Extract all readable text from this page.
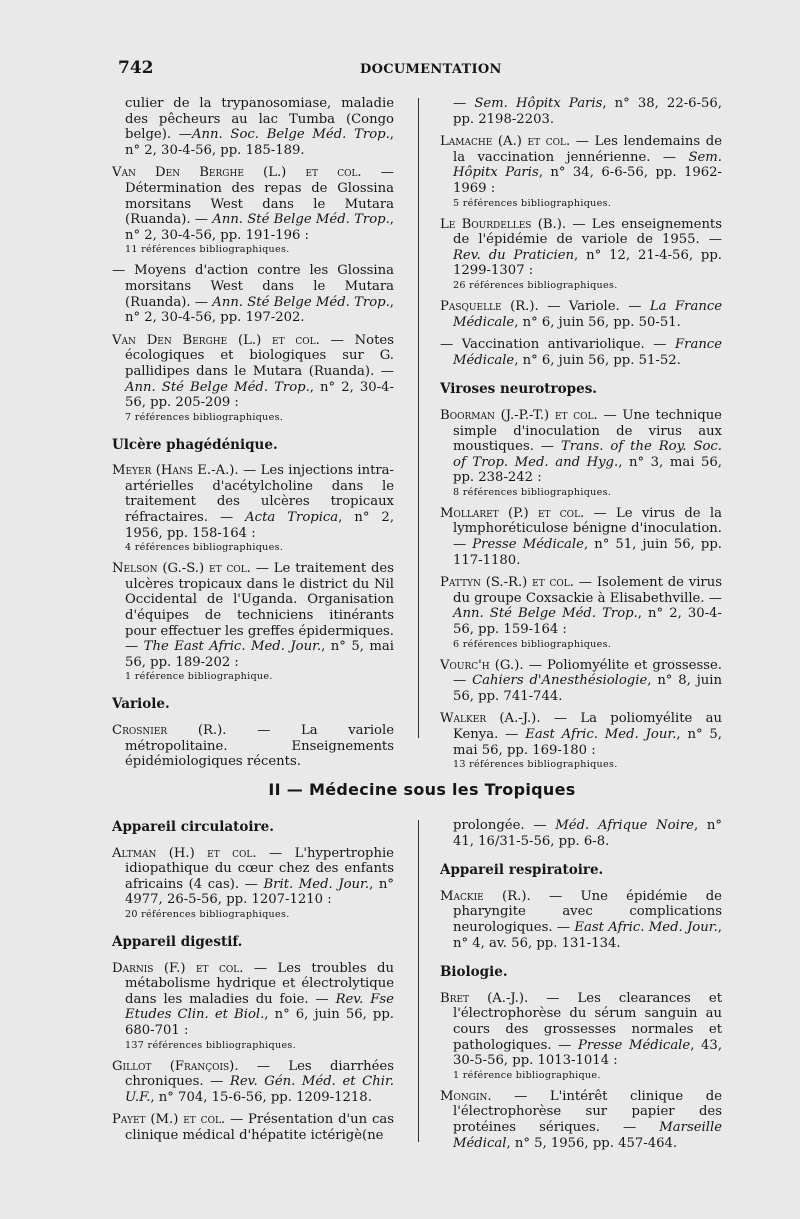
742	DOCUMENTATION
culier de la trypanosomiase, maladie des pêcheurs au lac Tumba (Congo belge). —Ann. Soc. Belge Méd. Trop., n° 2, 30-4-56, pp. 185-189.
Van Den Berghe (L.) et col. — Détermination des repas de Glossina morsitans West dans le Mutara (Ruanda). — Ann. Sté Belge Méd. Trop., n° 2, 30-4-56, pp. 191-196 :
11 références bibliographiques.
— Moyens d'action contre les Glossina morsitans West dans le Mutara (Ruanda). — Ann. Sté Belge Méd. Trop., n° 2, 30-4-56, pp. 197-202.
Van Den Berghe (L.) et col. — Notes écologiques et biologiques sur G. pallidipes dans le Mutara (Ruanda). — Ann. Sté Belge Méd. Trop., n° 2, 30-4-56, pp. 205-209 :
7 références bibliographiques.
Ulcère phagédénique.
Meyer (Hans E.-A.). — Les injections intra-artérielles d'acétylcholine dans le traitement des ulcères tropicaux réfractaires. — Acta Tropica, n° 2, 1956, pp. 158-164 :
4 références bibliographiques.
Nelson (G.-S.) et col. — Le traitement des ulcères tropicaux dans le district du Nil Occidental de l'Uganda. Organisation d'équipes de techniciens itinérants pour effectuer les greffes épidermiques. — The East Afric. Med. Jour., n° 5, mai 56, pp. 189-202 :
1 référence bibliographique.
Variole.
Crosnier (R.). — La variole métropolitaine. Enseignements épidémiologiques récents.
— Sem. Hôpitx Paris, n° 38, 22-6-56, pp. 2198-2203.
Lamache (A.) et col. — Les lendemains de la vaccination jennérienne. — Sem. Hôpitx Paris, n° 34, 6-6-56, pp. 1962-1969 :
5 références bibliographiques.
Le Bourdelles (B.). — Les enseignements de l'épidémie de variole de 1955. — Rev. du Praticien, n° 12, 21-4-56, pp. 1299-1307 :
26 références bibliographiques.
Pasquelle (R.). — Variole. — La France Médicale, n° 6, juin 56, pp. 50-51.
— Vaccination antivariolique. — France Médicale, n° 6, juin 56, pp. 51-52.
Viroses neurotropes.
Boorman (J.-P.-T.) et col. — Une technique simple d'inoculation de virus aux moustiques. — Trans. of the Roy. Soc. of Trop. Med. and Hyg., n° 3, mai 56, pp. 238-242 :
8 références bibliographiques.
Mollaret (P.) et col. — Le virus de la lymphoréticulose bénigne d'inoculation. — Presse Médicale, n° 51, juin 56, pp. 117-1180.
Pattyn (S.-R.) et col. — Isolement de virus du groupe Coxsackie à Elisabethville. — Ann. Sté Belge Méd. Trop., n° 2, 30-4-56, pp. 159-164 :
6 références bibliographiques.
Vourc'h (G.). — Poliomyélite et grossesse. — Cahiers d'Anesthésiologie, n° 8, juin 56, pp. 741-744.
Walker (A.-J.). — La poliomyélite au Kenya. — East Afric. Med. Jour., n° 5, mai 56, pp. 169-180 :
13 références bibliographiques.
II — Médecine sous les Tropiques
Appareil circulatoire.
Altman (H.) et col. — L'hypertrophie idiopathique du cœur chez des enfants africains (4 cas). — Brit. Med. Jour., n° 4977, 26-5-56, pp. 1207-1210 :
20 références bibliographiques.
Appareil digestif.
Darnis (F.) et col. — Les troubles du métabolisme hydrique et électrolytique dans les maladies du foie. — Rev. Fse Etudes Clin. et Biol., n° 6, juin 56, pp. 680-701 :
137 références bibliographiques.
Gillot (François). — Les diarrhées chroniques. — Rev. Gén. Méd. et Chir. U.F., n° 704, 15-6-56, pp. 1209-1218.
Payet (M.) et col. — Présentation d'un cas clinique médical d'hépatite ictérigè(ne
prolongée. — Méd. Afrique Noire, n° 41, 16/31-5-56, pp. 6-8.
Appareil respiratoire.
Mackie (R.). — Une épidémie de pharyngite avec complications neurologiques. — East Afric. Med. Jour., n° 4, av. 56, pp. 131-134.
Biologie.
Bret (A.-J.). — Les clearances et l'électrophorèse du sérum sanguin au cours des grossesses normales et pathologiques. — Presse Médicale, 43, 30-5-56, pp. 1013-1014 :
1 référence bibliographique.
Mongin. — L'intérêt clinique de l'électrophorèse sur papier des protéines sériques. — Marseille Médical, n° 5, 1956, pp. 457-464.
